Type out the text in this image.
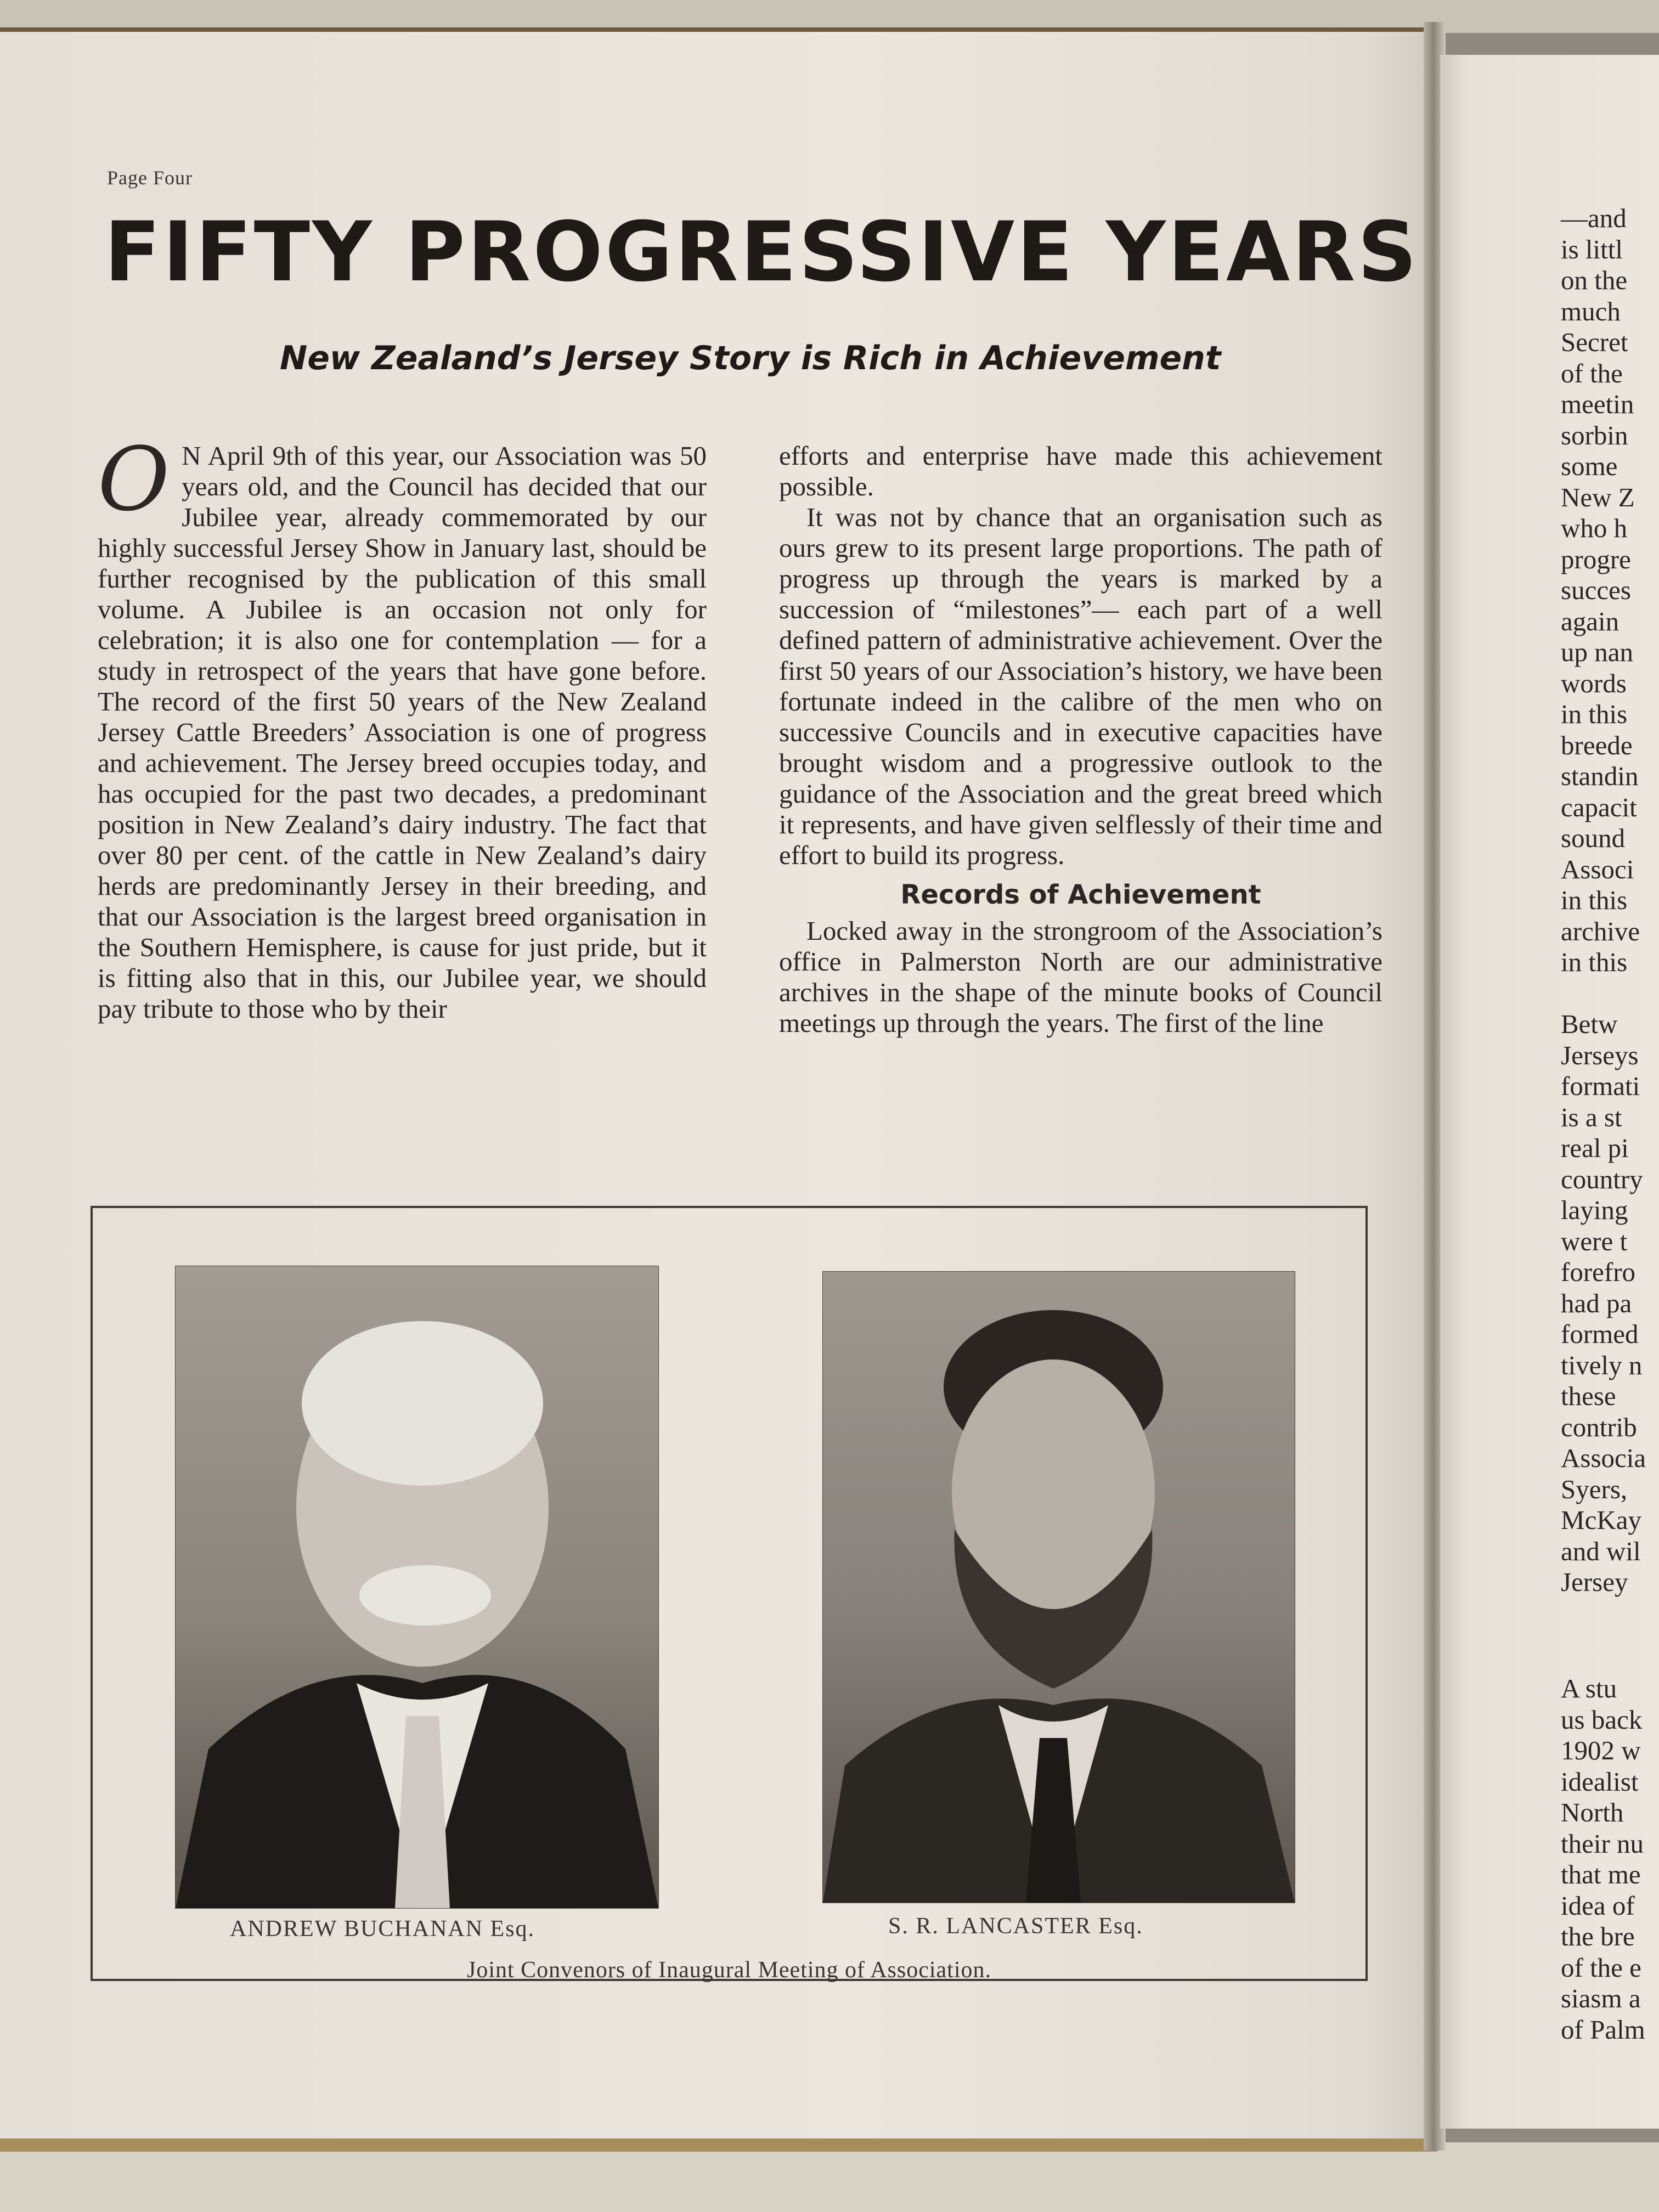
Page Four
FIFTY PROGRESSIVE YEARS
New Zealand’s Jersey Story is Rich in Achievement

O N April 9th of this year, our Association was 50 years old, and the Council has decided that our Jubilee year, already commemorated by our highly successful Jersey Show in January last, should be further recognised by the publication of this small volume. A Jubilee is an occasion not only for celebration; it is also one for contemplation — for a study in retrospect of the years that have gone before. The record of the first 50 years of the New Zealand Jersey Cattle Breeders’ Association is one of progress and achievement. The Jersey breed occupies today, and has occupied for the past two decades, a predominant position in New Zealand’s dairy industry. The fact that over 80 per cent. of the cattle in New Zealand’s dairy herds are predominantly Jersey in their breeding, and that our Association is the largest breed organisation in the Southern Hemisphere, is cause for just pride, but it is fitting also that in this, our Jubilee year, we should pay tribute to those who by their

efforts and enterprise have made this achievement possible.

It was not by chance that an organisation such as ours grew to its present large proportions. The path of progress up through the years is marked by a succession of “milestones”— each part of a well defined pattern of administrative achievement. Over the first 50 years of our Association’s history, we have been fortunate indeed in the calibre of the men who on successive Councils and in executive capacities have brought wisdom and a progressive outlook to the guidance of the Association and the great breed which it represents, and have given selflessly of their time and effort to build its progress.

Records of Achievement

Locked away in the strongroom of the Association’s office in Palmerston North are our administrative archives in the shape of the minute books of Council meetings up through the years. The first of the line

ANDREW BUCHANAN Esq.	S. R. LANCASTER Esq.
Joint Convenors of Inaugural Meeting of Association.
—and
is littl
on the
much
Secret
of the
meetin
sorbin
some
New Z
who h
progre
succes
again
up nan
words
in this
breede
standin
capacit
sound
Associ
in this
archive
in this
Betw
Jerseys
formati
is a st
real pi
country
laying
were t
forefro
had pa
formed
tively n
these
contrib
Associa
Syers,
McKay
and wil
Jersey
A stu
us back
1902 w
idealist
North
their nu
that me
idea of
the bre
of the e
siasm a
of Palm
